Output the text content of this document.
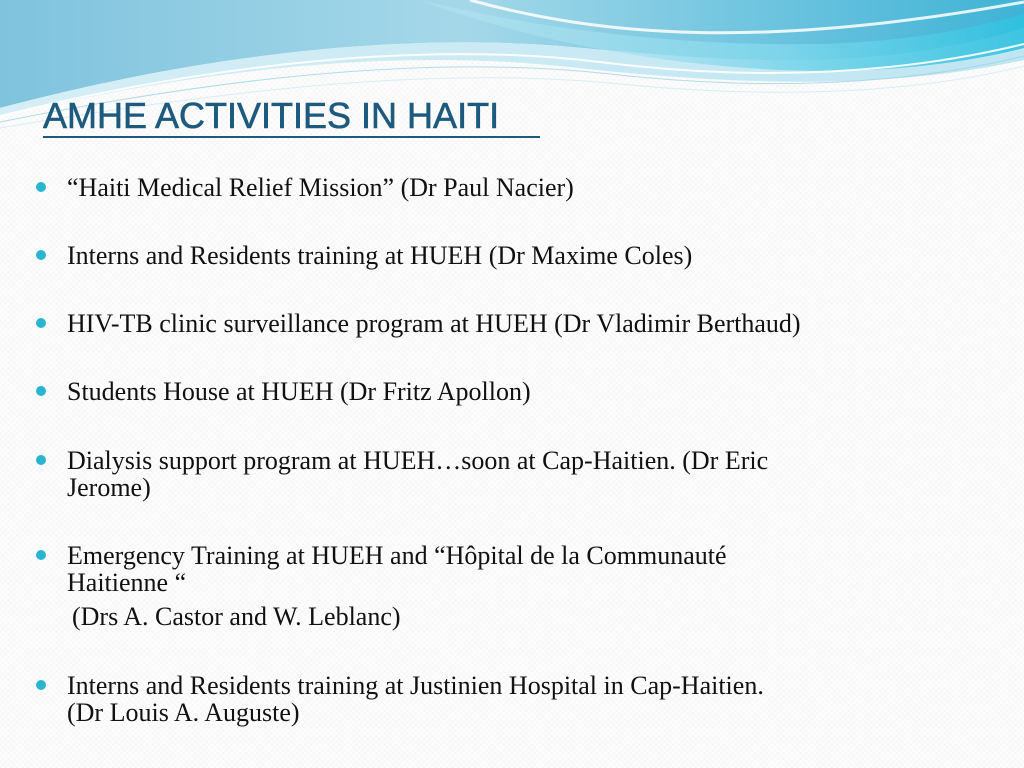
AMHE ACTIVITIES IN HAITI
“Haiti Medical Relief Mission” (Dr Paul Nacier)
Interns and Residents training at HUEH (Dr Maxime Coles)
HIV-TB clinic surveillance program at HUEH (Dr Vladimir Berthaud)
Students House at HUEH (Dr Fritz Apollon)
Dialysis support program at HUEH…soon at Cap-Haitien. (Dr Eric
Jerome)
Emergency Training at HUEH and “Hôpital de la Communauté
Haitienne “
(Drs A. Castor and W. Leblanc)
Interns and Residents training at Justinien Hospital in Cap-Haitien.
(Dr Louis A. Auguste)
